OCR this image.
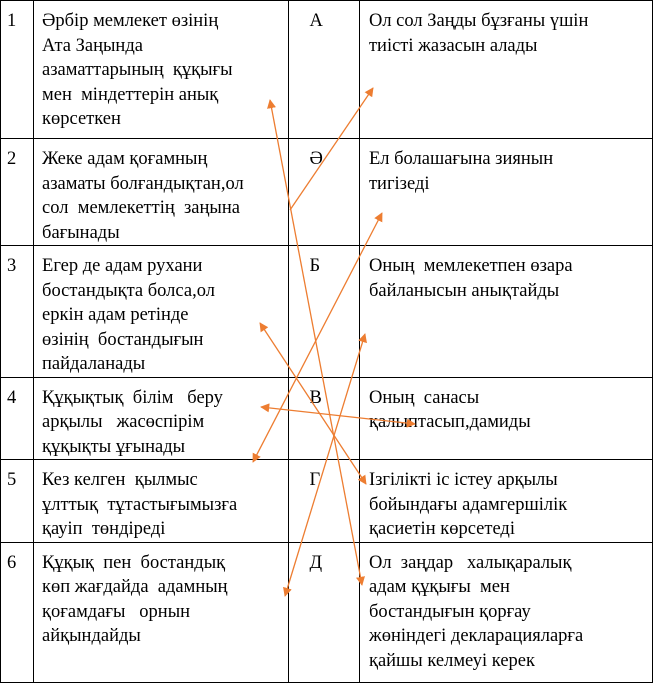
1	Әрбір мемлекет өзінің
Ата Заңында
азаматтарының  құқығы
мен  міндеттерін анық
көрсеткен	А	Ол сол Заңды бұзғаны үшін
тиісті жазасын алады

2	Жеке адам қоғамның
азаматы болғандықтан,ол
сол  мемлекеттің  заңына
бағынады	Ә	Ел болашағына зиянын
тигізеді

3	Егер де адам рухани
бостандықта болса,ол
еркін адам ретінде
өзінің  бостандығын
пайдаланады	Б	Оның  мемлекетпен өзара
байланысын анықтайды

4	Құқықтық  білім   беру
арқылы   жасөспірім
құқықты ұғынады	В	Оның  санасы
қалыптасып,дамиды

5	Кез келген  қылмыс
ұлттық  тұтастығымызға
қауіп  төндіреді	Г	Ізгілікті іс істеу арқылы
бойындағы адамгершілік
қасиетін көрсетеді

6	Құқық  пен  бостандық
көп жағдайда  адамның
қоғамдағы   орнын
айқындайды	Д	Ол  заңдар   халықаралық
адам құқығы  мен
бостандығын қорғау
жөніндегі декларацияларға
қайшы келмеуі керек
